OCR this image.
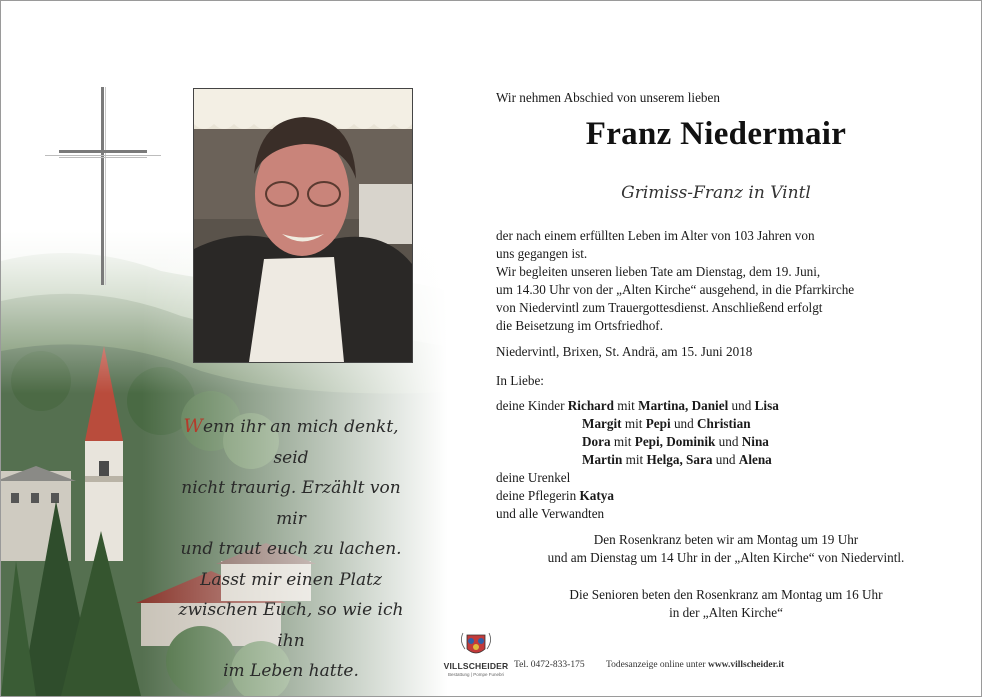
Wenn ihr an mich denkt, seid
nicht traurig. Erzählt von mir
und traut euch zu lachen.
Lasst mir einen Platz
zwischen Euch, so wie ich ihn
im Leben hatte.
Wir nehmen Abschied von unserem lieben
Franz Niedermair
Grimiss-Franz in Vintl
der nach einem erfüllten Leben im Alter von 103 Jahren von
uns gegangen ist.
Wir begleiten unseren lieben Tate am Dienstag, dem 19. Juni,
um 14.30 Uhr von der „Alten Kirche“ ausgehend, in die Pfarrkirche
von Niedervintl zum Trauergottesdienst. Anschließend erfolgt
die Beisetzung im Ortsfriedhof.
Niedervintl, Brixen, St. Andrä, am 15. Juni 2018
In Liebe:
deine Kinder Richard mit Martina, Daniel und Lisa
Margit mit Pepi und Christian
Dora mit Pepi, Dominik und Nina
Martin mit Helga, Sara und Alena
deine Urenkel
deine Pflegerin Katya
und alle Verwandten
Den Rosenkranz beten wir am Montag um 19 Uhr
und am Dienstag um 14 Uhr in der „Alten Kirche“ von Niedervintl.
Die Senioren beten den Rosenkranz am Montag um 16 Uhr
in der „Alten Kirche“
VILLSCHEIDER
Bestattung | Pompe Funebri
Tel. 0472-833-175 Todesanzeige online unter www.villscheider.it
